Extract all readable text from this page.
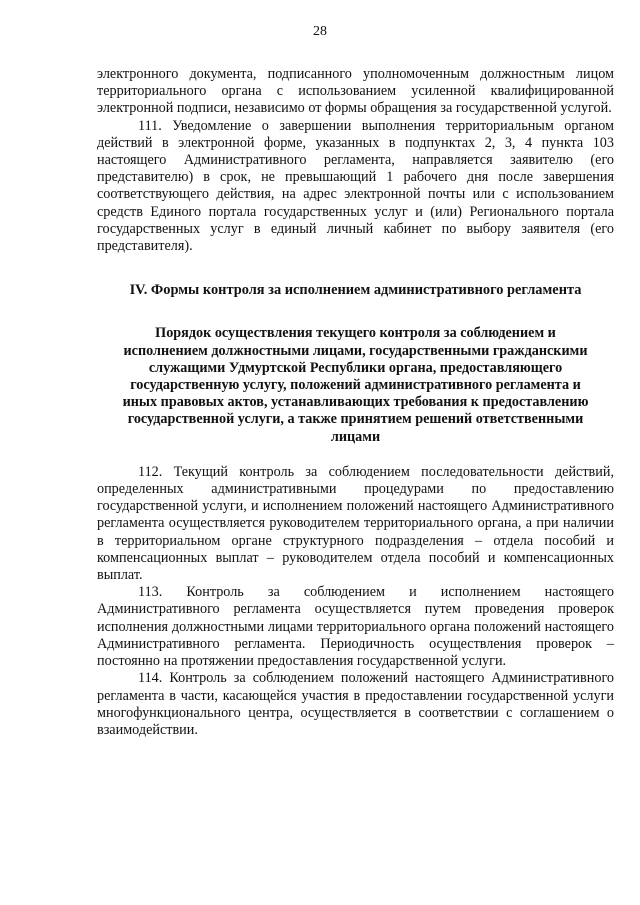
28

электронного документа, подписанного уполномоченным должностным лицом территориального органа с использованием усиленной квалифицированной электронной подписи, независимо от формы обращения за государственной услугой.

111. Уведомление о завершении выполнения территориальным органом действий в электронной форме, указанных в подпунктах 2, 3, 4 пункта 103 настоящего Административного регламента, направляется заявителю (его представителю) в срок, не превышающий 1 рабочего дня после завершения соответствующего действия, на адрес электронной почты или с использованием средств Единого портала государственных услуг и (или) Регионального портала государственных услуг в единый личный кабинет по выбору заявителя (его представителя).

IV. Формы контроля за исполнением административного регламента
Порядок осуществления текущего контроля за соблюдением и исполнением должностными лицами, государственными гражданскими служащими Удмуртской Республики органа, предоставляющего государственную услугу, положений административного регламента и иных правовых актов, устанавливающих требования к предоставлению государственной услуги, а также принятием решений ответственными лицами

112. Текущий контроль за соблюдением последовательности действий, определенных административными процедурами по предоставлению государственной услуги, и исполнением положений настоящего Административного регламента осуществляется руководителем территориального органа, а при наличии в территориальном органе структурного подразделения – отдела пособий и компенсационных выплат – руководителем отдела пособий и компенсационных выплат.

113. Контроль за соблюдением и исполнением настоящего Административного регламента осуществляется путем проведения проверок исполнения должностными лицами территориального органа положений настоящего Административного регламента. Периодичность осуществления проверок – постоянно на протяжении предоставления государственной услуги.

114. Контроль за соблюдением положений настоящего Административного регламента в части, касающейся участия в предоставлении государственной услуги многофункционального центра, осуществляется в соответствии с соглашением о взаимодействии.
